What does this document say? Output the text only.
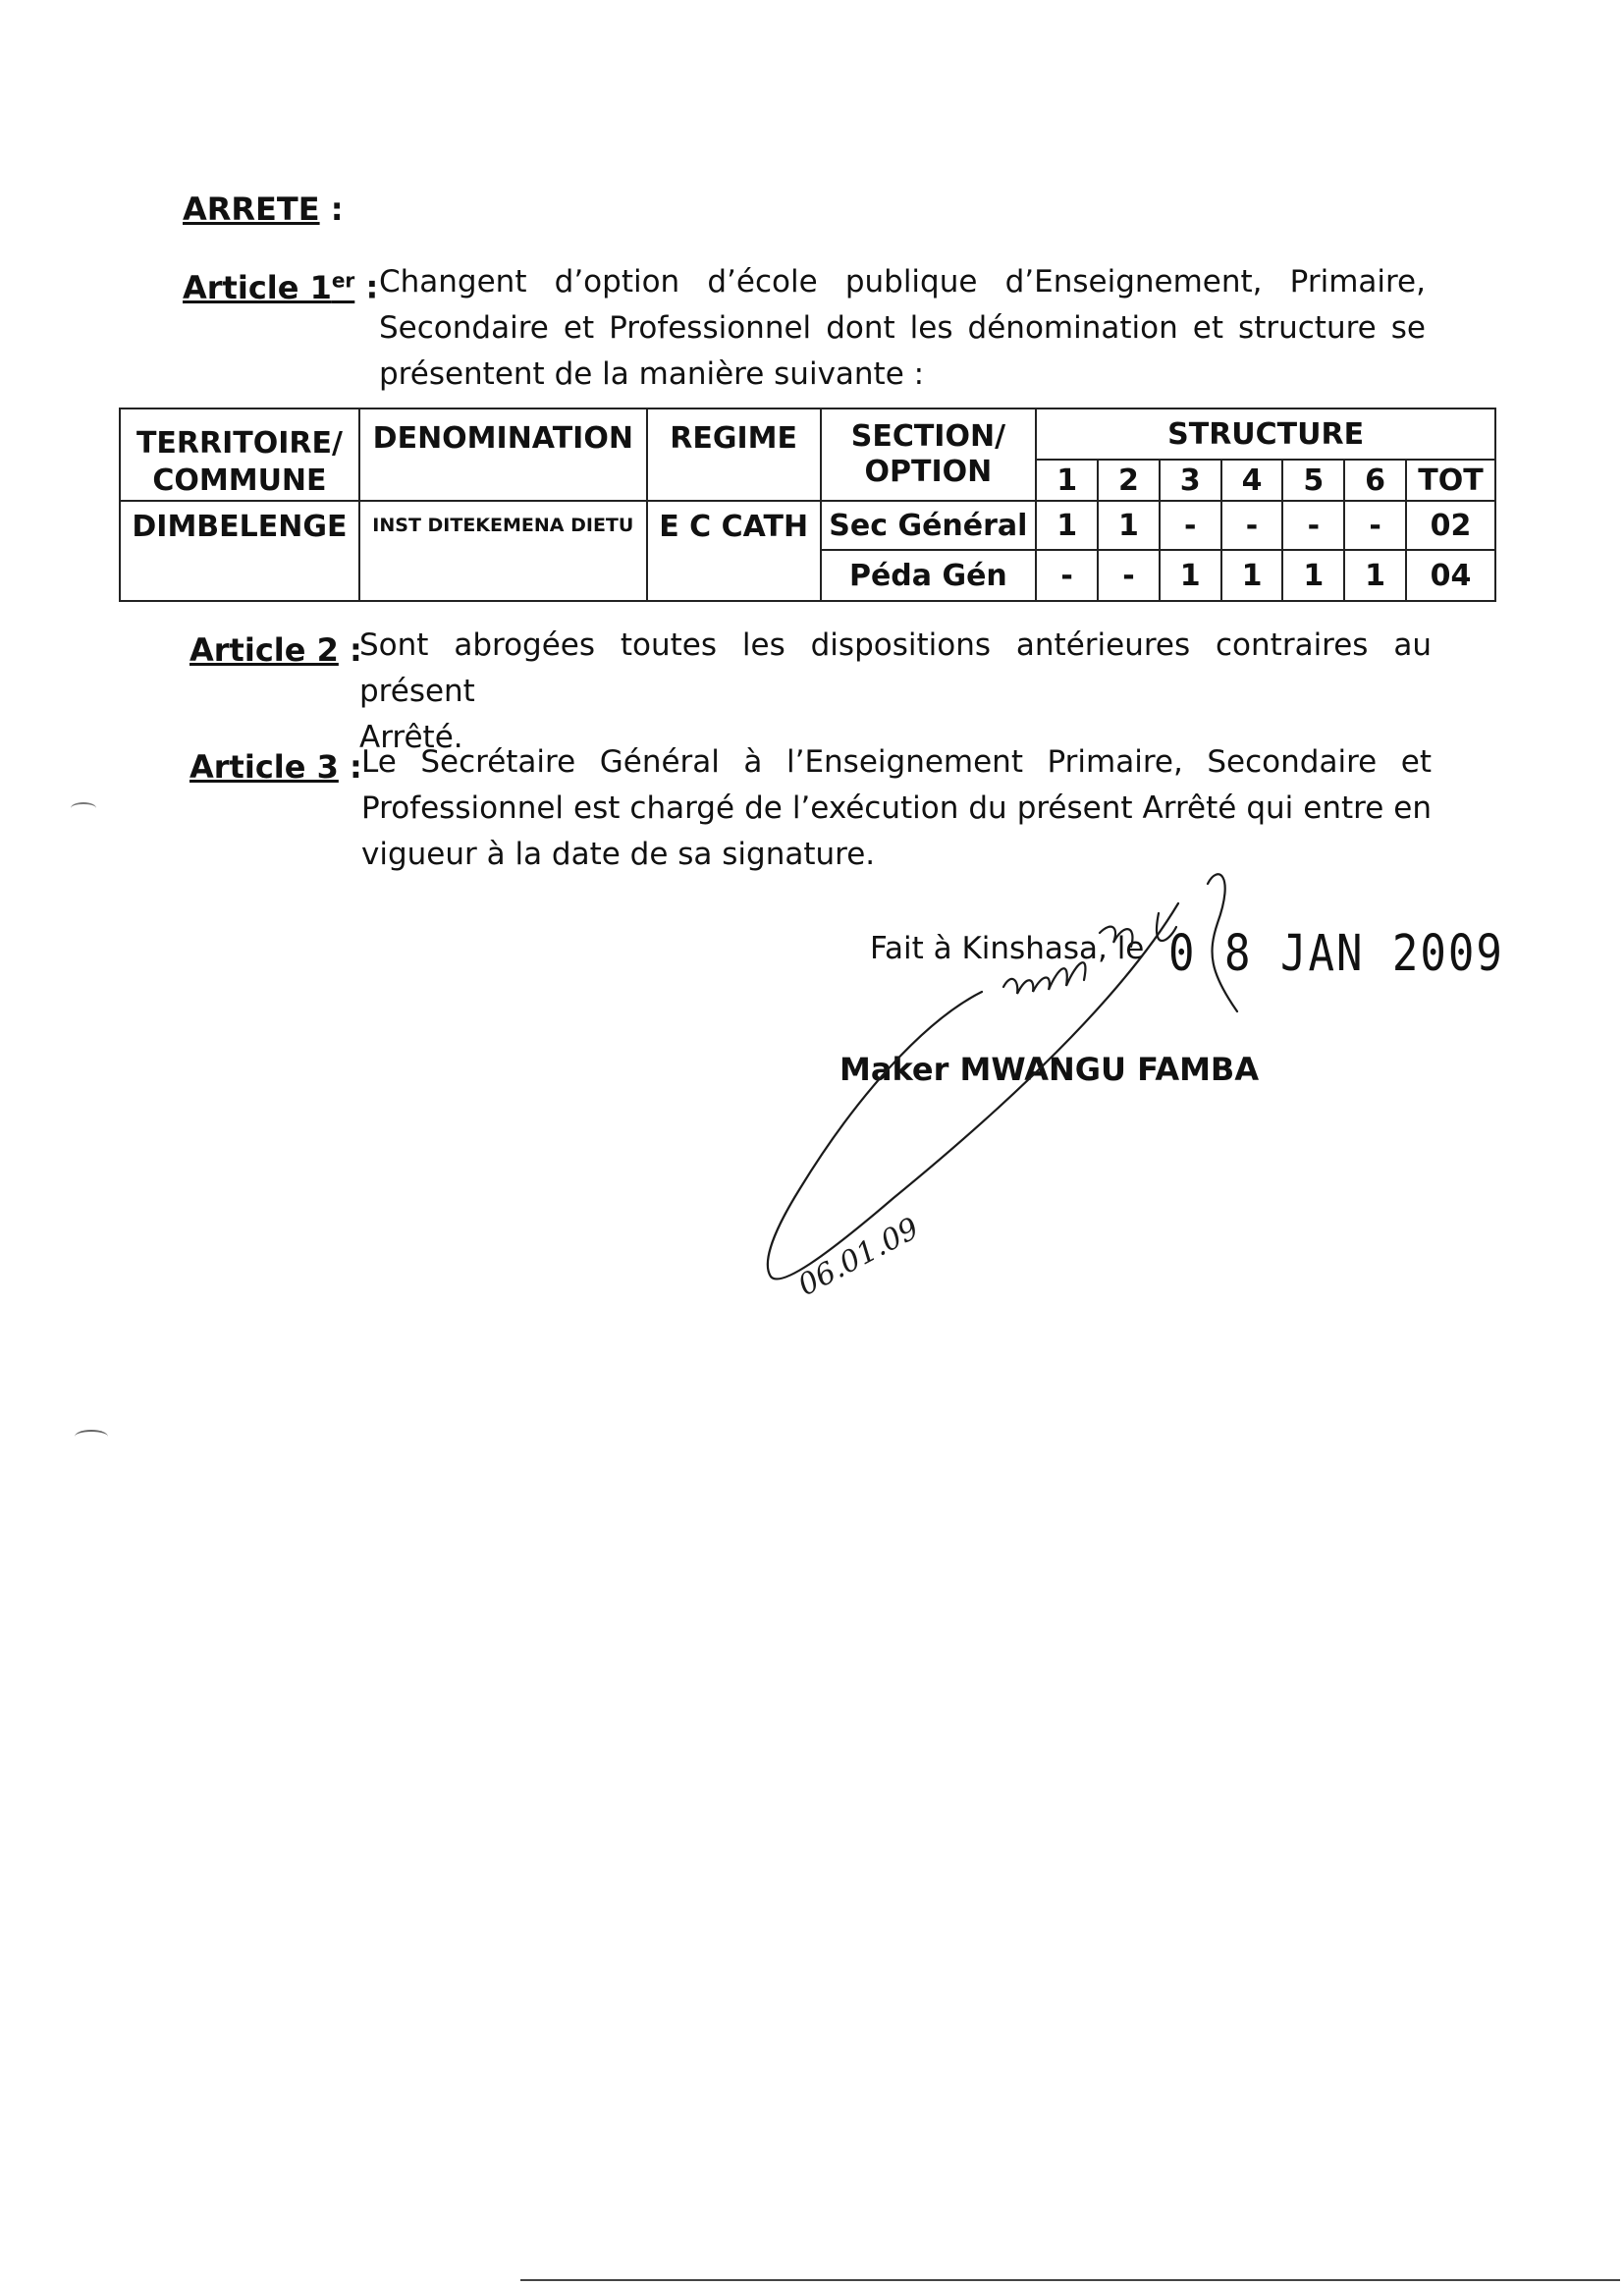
ARRETE :
Article 1er : Changent d’option d’école publique d’Enseignement, Primaire,
Secondaire et Professionnel dont les dénomination et structure se
présentent de la manière suivante :
TERRITOIRE/ COMMUNE	DENOMINATION	REGIME	SECTION/ OPTION	STRUCTURE						
				1	2	3	4	5	6	TOT
DIMBELENGE	INST DITEKEMENA DIETU	E C CATH	Sec Général	1	1	-	-	-	-	02
			Péda Gén	-	-	1	1	1	1	04
Article 2 :
Sont abrogées toutes les dispositions antérieures contraires au présent
Arrêté.
Article 3 : Le Secrétaire Général à l’Enseignement Primaire, Secondaire et
Professionnel est chargé de l’exécution du présent Arrêté qui entre en
vigueur à la date de sa signature.
Fait à Kinshasa, le 0 8 JAN 2009
Maker MWANGU FAMBA
06.01.09
